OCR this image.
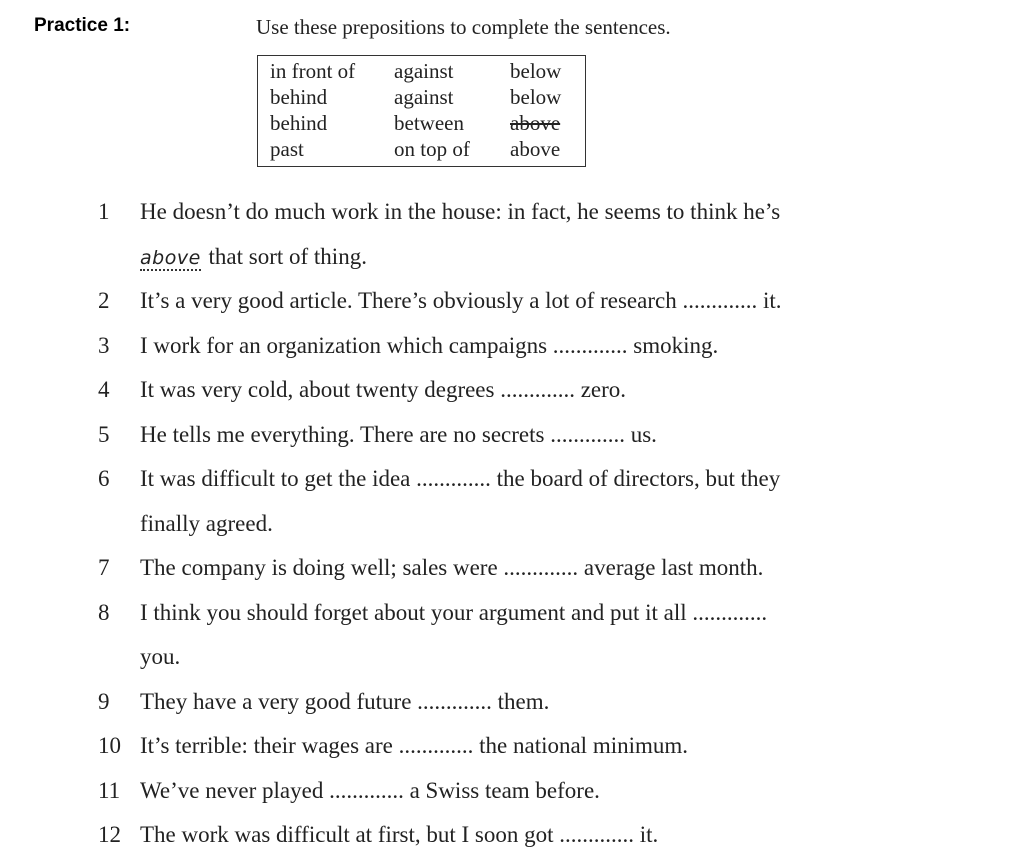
Practice 1:	Use these prepositions to complete the sentences.
in front of	against	below
behind	against	below
behind	between	above
past	on top of	above
1	He doesn’t do much work in the house: in fact, he seems to think he’s
above that sort of thing.
2	It’s a very good article. There’s obviously a lot of research ............. it.
3	I work for an organization which campaigns ............. smoking.
4	It was very cold, about twenty degrees ............. zero.
5	He tells me everything. There are no secrets ............. us.
6	It was difficult to get the idea ............. the board of directors, but they
finally agreed.
7	The company is doing well; sales were ............. average last month.
8	I think you should forget about your argument and put it all .............
you.
9	They have a very good future ............. them.
10 It’s terrible: their wages are ............. the national minimum.
11 We’ve never played ............. a Swiss team before.
12 The work was difficult at first, but I soon got ............. it.
